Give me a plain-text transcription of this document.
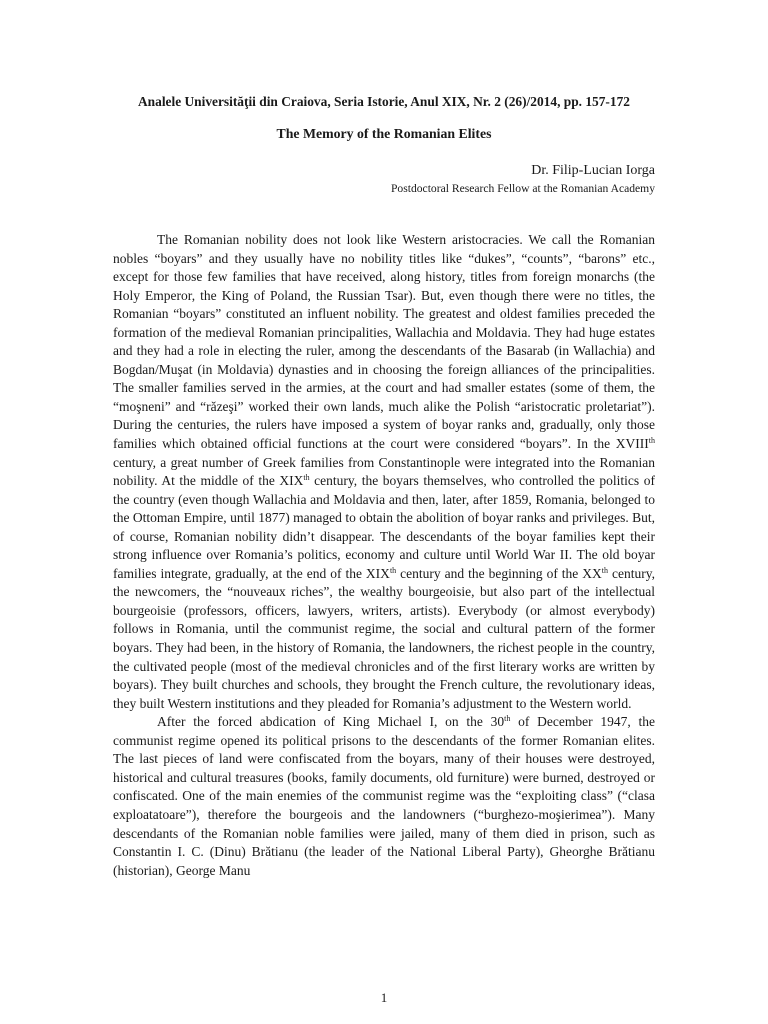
Analele Universităţii din Craiova, Seria Istorie, Anul XIX, Nr. 2 (26)/2014, pp. 157-172
The Memory of the Romanian Elites
Dr. Filip-Lucian Iorga
Postdoctoral Research Fellow at the Romanian Academy

The Romanian nobility does not look like Western aristocracies. We call the Romanian nobles “boyars” and they usually have no nobility titles like “dukes”, “counts”, “barons” etc., except for those few families that have received, along history, titles from foreign monarchs (the Holy Emperor, the King of Poland, the Russian Tsar). But, even though there were no titles, the Romanian “boyars” constituted an influent nobility. The greatest and oldest families preceded the formation of the medieval Romanian principalities, Wallachia and Moldavia. They had huge estates and they had a role in electing the ruler, among the descendants of the Basarab (in Wallachia) and Bogdan/Muşat (in Moldavia) dynasties and in choosing the foreign alliances of the principalities. The smaller families served in the armies, at the court and had smaller estates (some of them, the “moşneni” and “răzeşi” worked their own lands, much alike the Polish “aristocratic proletariat”). During the centuries, the rulers have imposed a system of boyar ranks and, gradually, only those families which obtained official functions at the court were considered “boyars”. In the XVIIIth century, a great number of Greek families from Constantinople were integrated into the Romanian nobility. At the middle of the XIXth century, the boyars themselves, who controlled the politics of the country (even though Wallachia and Moldavia and then, later, after 1859, Romania, belonged to the Ottoman Empire, until 1877) managed to obtain the abolition of boyar ranks and privileges. But, of course, Romanian nobility didn’t disappear. The descendants of the boyar families kept their strong influence over Romania’s politics, economy and culture until World War II. The old boyar families integrate, gradually, at the end of the XIXth century and the beginning of the XXth century, the newcomers, the “nouveaux riches”, the wealthy bourgeoisie, but also part of the intellectual bourgeoisie (professors, officers, lawyers, writers, artists). Everybody (or almost everybody) follows in Romania, until the communist regime, the social and cultural pattern of the former boyars. They had been, in the history of Romania, the landowners, the richest people in the country, the cultivated people (most of the medieval chronicles and of the first literary works are written by boyars). They built churches and schools, they brought the French culture, the revolutionary ideas, they built Western institutions and they pleaded for Romania’s adjustment to the Western world.

After the forced abdication of King Michael I, on the 30th of December 1947, the communist regime opened its political prisons to the descendants of the former Romanian elites. The last pieces of land were confiscated from the boyars, many of their houses were destroyed, historical and cultural treasures (books, family documents, old furniture) were burned, destroyed or confiscated. One of the main enemies of the communist regime was the “exploiting class” (“clasa exploatatoare”), therefore the bourgeois and the landowners (“burghezo-moşierimea”). Many descendants of the Romanian noble families were jailed, many of them died in prison, such as Constantin I. C. (Dinu) Brătianu (the leader of the National Liberal Party), Gheorghe Brătianu (historian), George Manu

1
